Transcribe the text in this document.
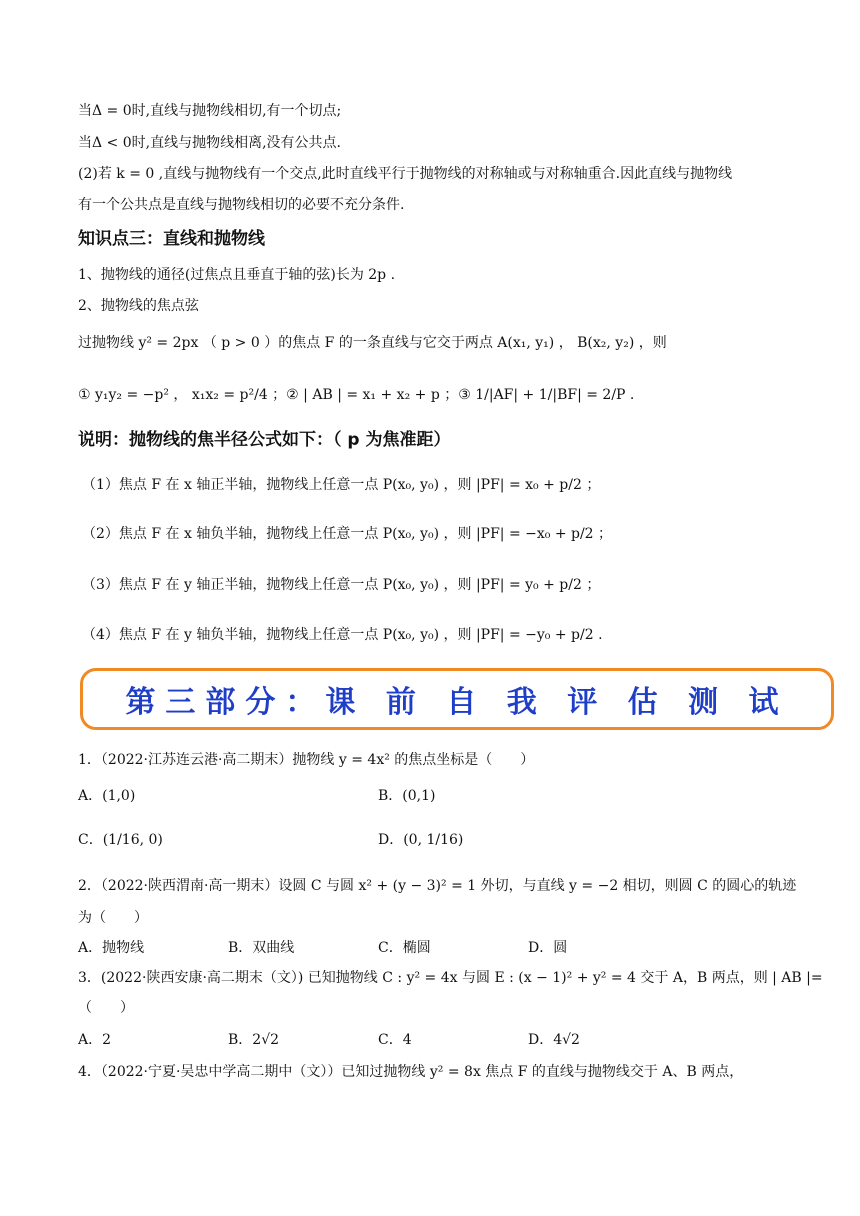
当Δ = 0时,直线与抛物线相切,有一个切点;
当Δ < 0时,直线与抛物线相离,没有公共点.
(2)若 k = 0 ,直线与抛物线有一个交点,此时直线平行于抛物线的对称轴或与对称轴重合.因此直线与抛物线
有一个公共点是直线与抛物线相切的必要不充分条件.
知识点三：直线和抛物线
1、抛物线的通径(过焦点且垂直于轴的弦)长为 2p .
2、抛物线的焦点弦
过抛物线 y² = 2px （ p > 0 ）的焦点 F 的一条直线与它交于两点 A(x₁, y₁) ， B(x₂, y₂) ，则
① y₁y₂ = −p² ， x₁x₂ = p²/4 ；② | AB | = x₁ + x₂ + p ；③ 1/|AF| + 1/|BF| = 2/P .
说明：抛物线的焦半径公式如下：（ p 为焦准距）
（1）焦点 F 在 x 轴正半轴，抛物线上任意一点 P(x₀, y₀) ，则 |PF| = x₀ + p/2 ；
（2）焦点 F 在 x 轴负半轴，抛物线上任意一点 P(x₀, y₀) ，则 |PF| = −x₀ + p/2 ；
（3）焦点 F 在 y 轴正半轴，抛物线上任意一点 P(x₀, y₀) ，则 |PF| = y₀ + p/2 ；
（4）焦点 F 在 y 轴负半轴，抛物线上任意一点 P(x₀, y₀) ，则 |PF| = −y₀ + p/2 .
第三部分：课 前 自 我 评 估 测 试
1．（2022·江苏连云港·高二期末）抛物线 y = 4x² 的焦点坐标是（　　）
A．(1,0)	B．(0,1)
C．(1/16, 0)	D．(0, 1/16)
2．（2022·陕西渭南·高一期末）设圆 C 与圆 x² + (y − 3)² = 1 外切，与直线 y = −2 相切，则圆 C 的圆心的轨迹
为（　　）
A．抛物线	B．双曲线	C．椭圆	D．圆
3．(2022·陕西安康·高二期末（文）) 已知抛物线 C : y² = 4x 与圆 E : (x − 1)² + y² = 4 交于 A，B 两点，则 | AB |=
（　　）
A．2	B．2√2	C．4	D．4√2
4．（2022·宁夏·吴忠中学高二期中（文））已知过抛物线 y² = 8x 焦点 F 的直线与抛物线交于 A、B 两点，
